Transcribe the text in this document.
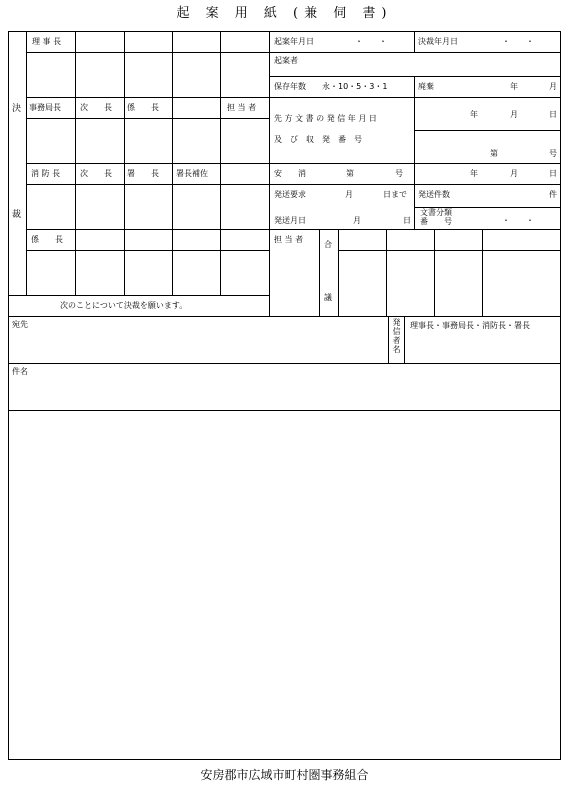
起 案 用 紙 (兼 伺 書)
決
裁
理 事 長
事務局長 次　　長 係　　長	担 当 者
消 防 長 次　　長 署　　長 署長補佐
係　　長
次のことについて決裁を願います。
起案年月日	・　　・	決裁年月日	・　　・
起案者
保存年数 永・10・5・3・1	廃棄	年	月
先 方 文 書 の 発 信 年 月 日
及　び　収　発　番　号
年	月	日
第	号
安　　消	第	号	年	月	日
発送要求	月	日まで 発送件数	件
発送月日	月	日
文書分類
番　　号	・　　・
担 当 者
合
議
宛先	発信者名 理事長・事務局長・消防長・署長
件名
安房郡市広域市町村圏事務組合
